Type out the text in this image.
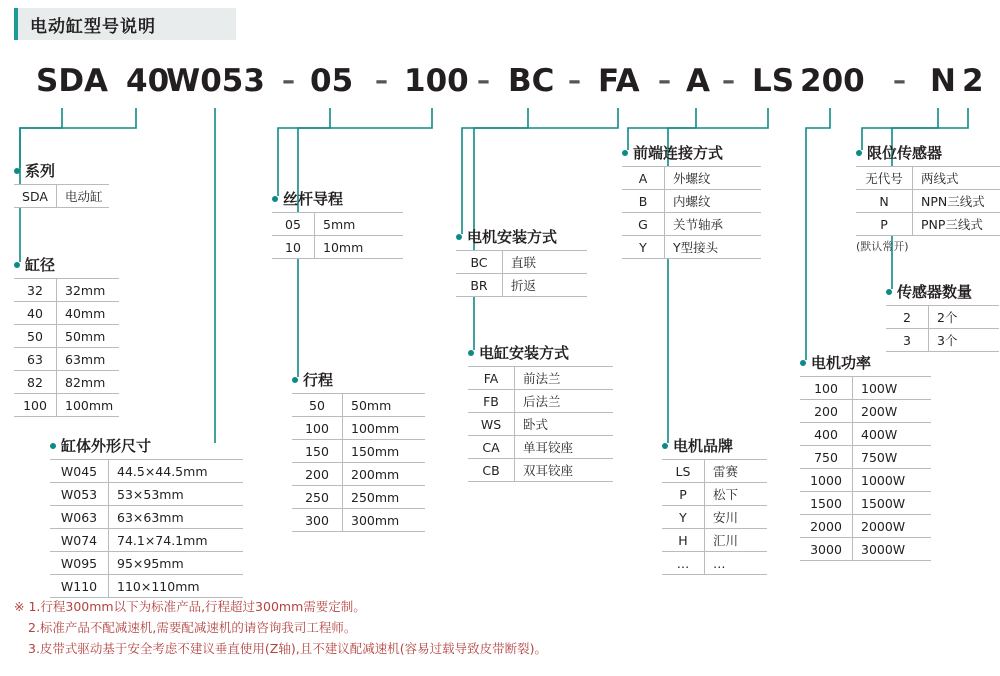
电动缸型号说明
SDA 40
W053 – 05 – 100 – BC – FA – A – LS 200 – N 2
系列
SDA	电动缸
缸径
32	32mm
40	40mm
50	50mm
63	63mm
82	82mm
100	100mm
缸体外形尺寸
W045	44.5×44.5mm
W053	53×53mm
W063	63×63mm
W074	74.1×74.1mm
W095	95×95mm
W110	110×110mm
丝杆导程
05	5mm
10	10mm
行程
50	50mm
100	100mm
150	150mm
200	200mm
250	250mm
300	300mm
电机安装方式
BC	直联
BR	折返
电缸安装方式
FA	前法兰
FB	后法兰
WS	卧式
CA	单耳铰座
CB	双耳铰座
前端连接方式
A	外螺纹
B	内螺纹
G	关节轴承
Y	Y型接头
电机品牌
LS	雷赛
P	松下
Y	安川
H	汇川
…	…
电机功率
100	100W
200	200W
400	400W
750	750W
1000	1000W
1500	1500W
2000	2000W
3000	3000W
限位传感器
无代号	两线式
N	NPN三线式
P	PNP三线式
(默认常开)
传感器数量
2	2个
3	3个
※ 1.行程300mm以下为标准产品,行程超过300mm需要定制。
2.标准产品不配减速机,需要配减速机的请咨询我司工程师。
3.皮带式驱动基于安全考虑不建议垂直使用(Z轴),且不建议配减速机(容易过载导致皮带断裂)。
